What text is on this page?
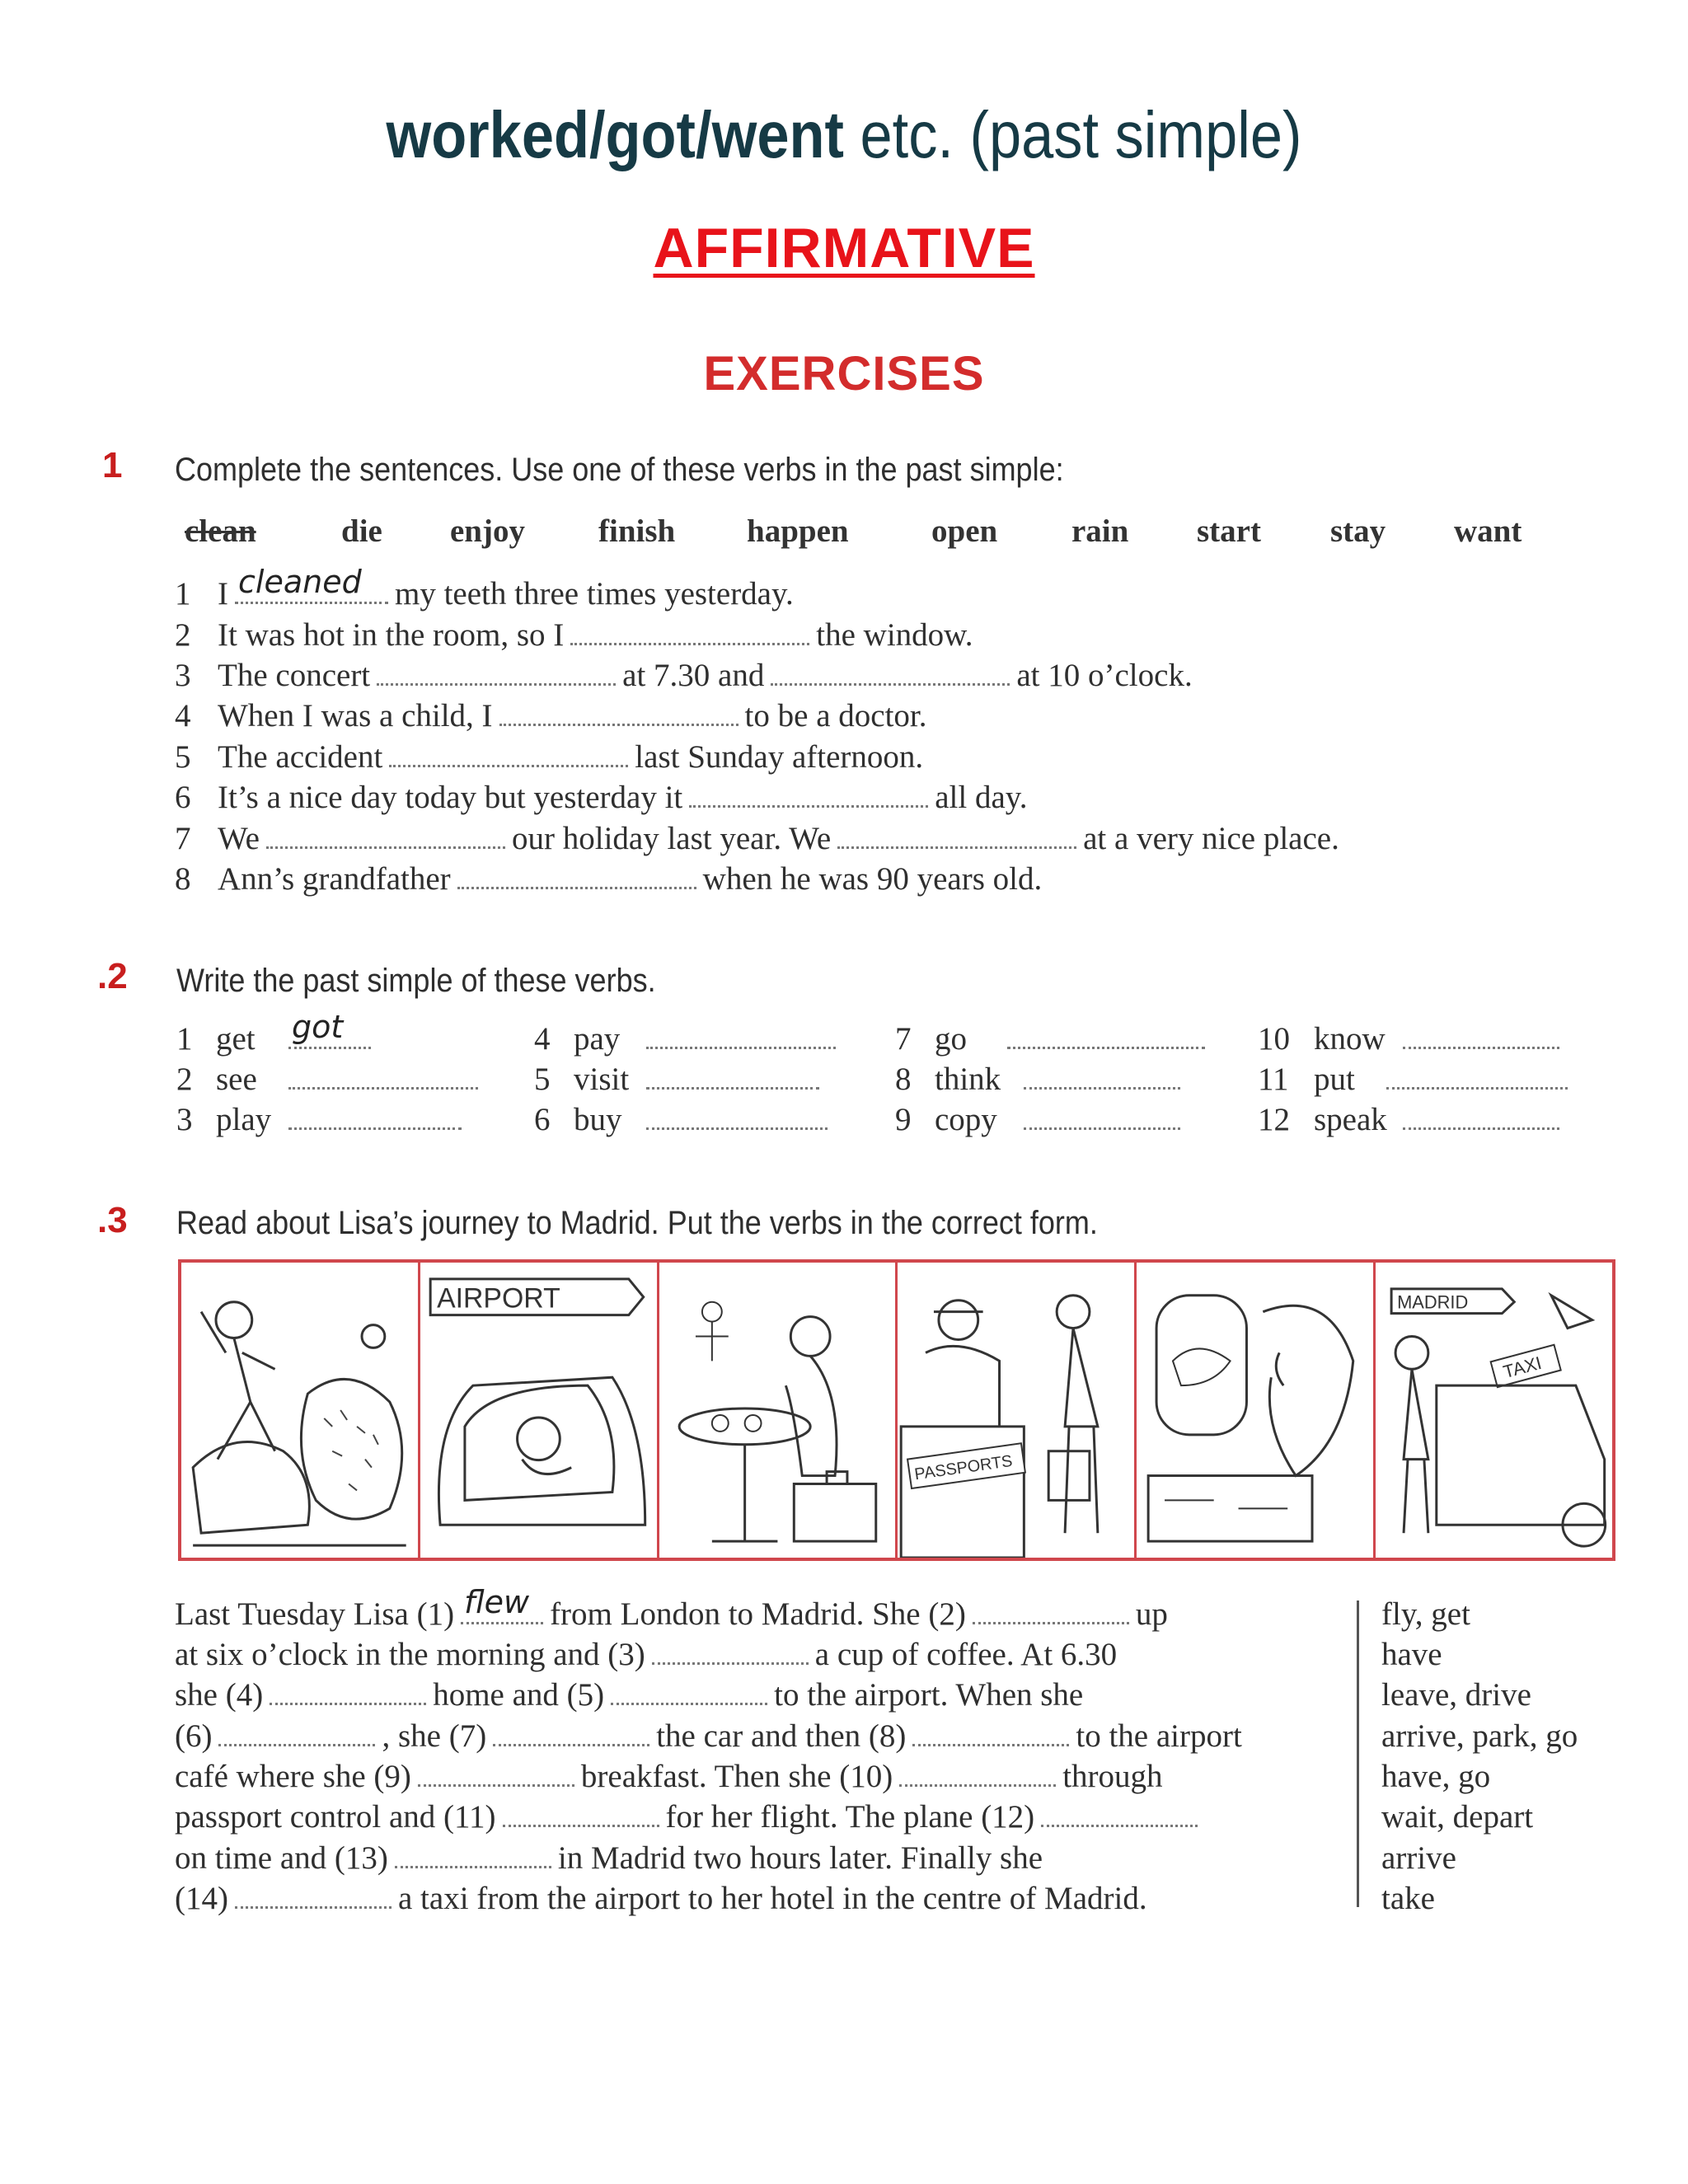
worked/got/went etc. (past simple)
AFFIRMATIVE
EXERCISES
1 Complete the sentences. Use one of these verbs in the past simple:
clean	die enjoy finish happen	open rain start stay want
1 I cleaned my teeth three times yesterday.
2 It was hot in the room, so I	the window.
3 The concert	at 7.30 and	at 10 o’clock.
4 When I was a child, I	to be a doctor.
5 The accident	last Sunday afternoon.
6 It’s a nice day today but yesterday it	all day.
7 We	our holiday last year. We	at a very nice place.
8 Ann’s grandfather	when he was 90 years old.
.2 Write the past simple of these verbs.
1 get got
2 see
3 play
4 pay
5 visit
6 buy
7 go
8 think
9 copy
10 know
11 put
12 speak
.3 Read about Lisa’s journey to Madrid. Put the verbs in the correct form.
AIRPORT
PASSPORTS
MADRID
TAXI
Last Tuesday Lisa (1) flew from London to Madrid. She (2)	up
at six o’clock in the morning and (3)	a cup of coffee. At 6.30
she (4)	home and (5)	to the airport. When she
(6)	, she (7)	the car and then (8)	to the airport
café where she (9)	breakfast. Then she (10)	through
passport control and (11)	for her flight. The plane (12)
on time and (13)	in Madrid two hours later. Finally she
(14)	a taxi from the airport to her hotel in the centre of Madrid.
fly, get
have
leave, drive
arrive, park, go
have, go
wait, depart
arrive
take
